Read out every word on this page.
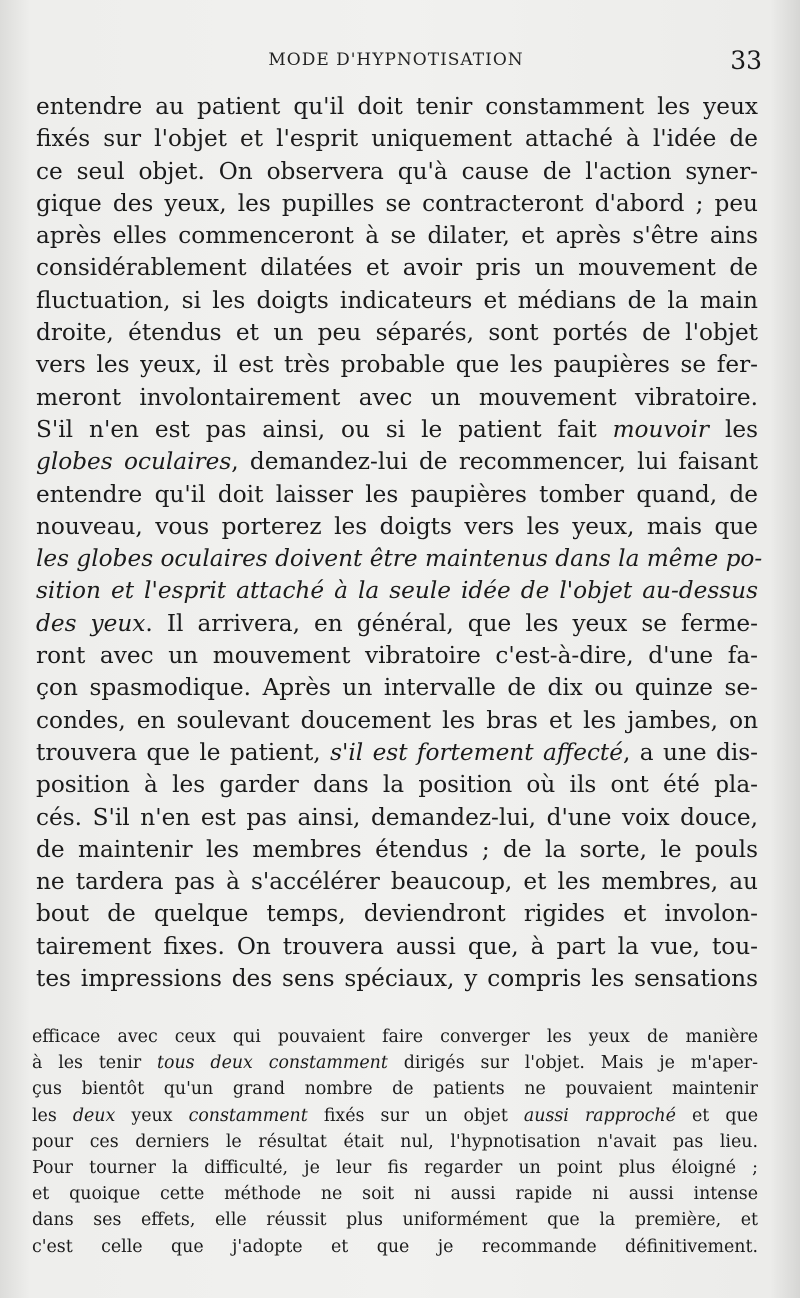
MODE D'HYPNOTISATION	33
entendre au patient qu'il doit tenir constamment les yeux
fixés sur l'objet et l'esprit uniquement attaché à l'idée de
ce seul objet. On observera qu'à cause de l'action syner-
gique des yeux, les pupilles se contracteront d'abord ; peu
après elles commenceront à se dilater, et après s'être ains
considérablement dilatées et avoir pris un mouvement de
fluctuation, si les doigts indicateurs et médians de la main
droite, étendus et un peu séparés, sont portés de l'objet
vers les yeux, il est très probable que les paupières se fer-
meront involontairement avec un mouvement vibratoire.
S'il n'en est pas ainsi, ou si le patient fait mouvoir les
globes oculaires, demandez-lui de recommencer, lui faisant
entendre qu'il doit laisser les paupières tomber quand, de
nouveau, vous porterez les doigts vers les yeux, mais que
les globes oculaires doivent être maintenus dans la même po-
sition et l'esprit attaché à la seule idée de l'objet au-dessus
des yeux. Il arrivera, en général, que les yeux se ferme-
ront avec un mouvement vibratoire c'est-à-dire, d'une fa-
çon spasmodique. Après un intervalle de dix ou quinze se-
condes, en soulevant doucement les bras et les jambes, on
trouvera que le patient, s'il est fortement affecté, a une dis-
position à les garder dans la position où ils ont été pla-
cés. S'il n'en est pas ainsi, demandez-lui, d'une voix douce,
de maintenir les membres étendus ; de la sorte, le pouls
ne tardera pas à s'accélérer beaucoup, et les membres, au
bout de quelque temps, deviendront rigides et involon-
tairement fixes. On trouvera aussi que, à part la vue, tou-
tes impressions des sens spéciaux, y compris les sensations
efficace avec ceux qui pouvaient faire converger les yeux de manière
à les tenir tous deux constamment dirigés sur l'objet. Mais je m'aper-
çus bientôt qu'un grand nombre de patients ne pouvaient maintenir
les deux yeux constamment fixés sur un objet aussi rapproché et que
pour ces derniers le résultat était nul, l'hypnotisation n'avait pas lieu.
Pour tourner la difficulté, je leur fis regarder un point plus éloigné ;
et quoique cette méthode ne soit ni aussi rapide ni aussi intense
dans ses effets, elle réussit plus uniformément que la première, et
c'est celle que j'adopte et que je recommande définitivement.
